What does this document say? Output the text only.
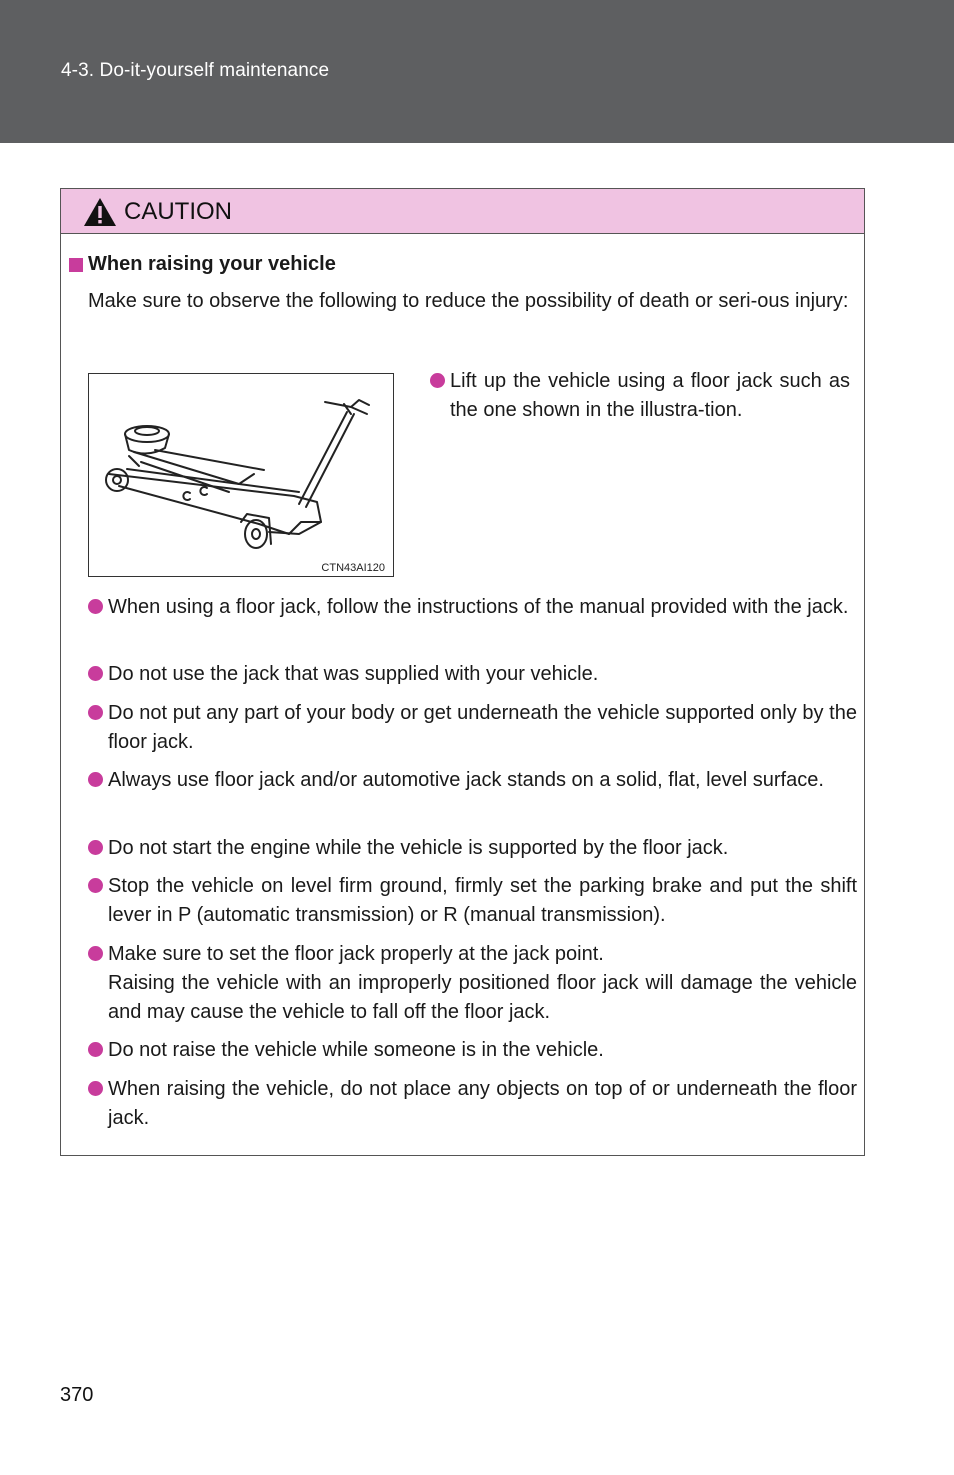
4-3. Do-it-yourself maintenance
CAUTION
When raising your vehicle
Make sure to observe the following to reduce the possibility of death or seri-ous injury:
CTN43AI120

Lift up the vehicle using a floor jack such as the one shown in the illustra-tion.

When using a floor jack, follow the instructions of the manual provided with the jack.

Do not use the jack that was supplied with your vehicle.

Do not put any part of your body or get underneath the vehicle supported only by the floor jack.

Always use floor jack and/or automotive jack stands on a solid, flat, level surface.

Do not start the engine while the vehicle is supported by the floor jack.

Stop the vehicle on level firm ground, firmly set the parking brake and put the shift lever in P (automatic transmission) or R (manual transmission).

Make sure to set the floor jack properly at the jack point.

Raising the vehicle with an improperly positioned floor jack will damage the vehicle and may cause the vehicle to fall off the floor jack.

Do not raise the vehicle while someone is in the vehicle.

When raising the vehicle, do not place any objects on top of or underneath the floor jack.

370
